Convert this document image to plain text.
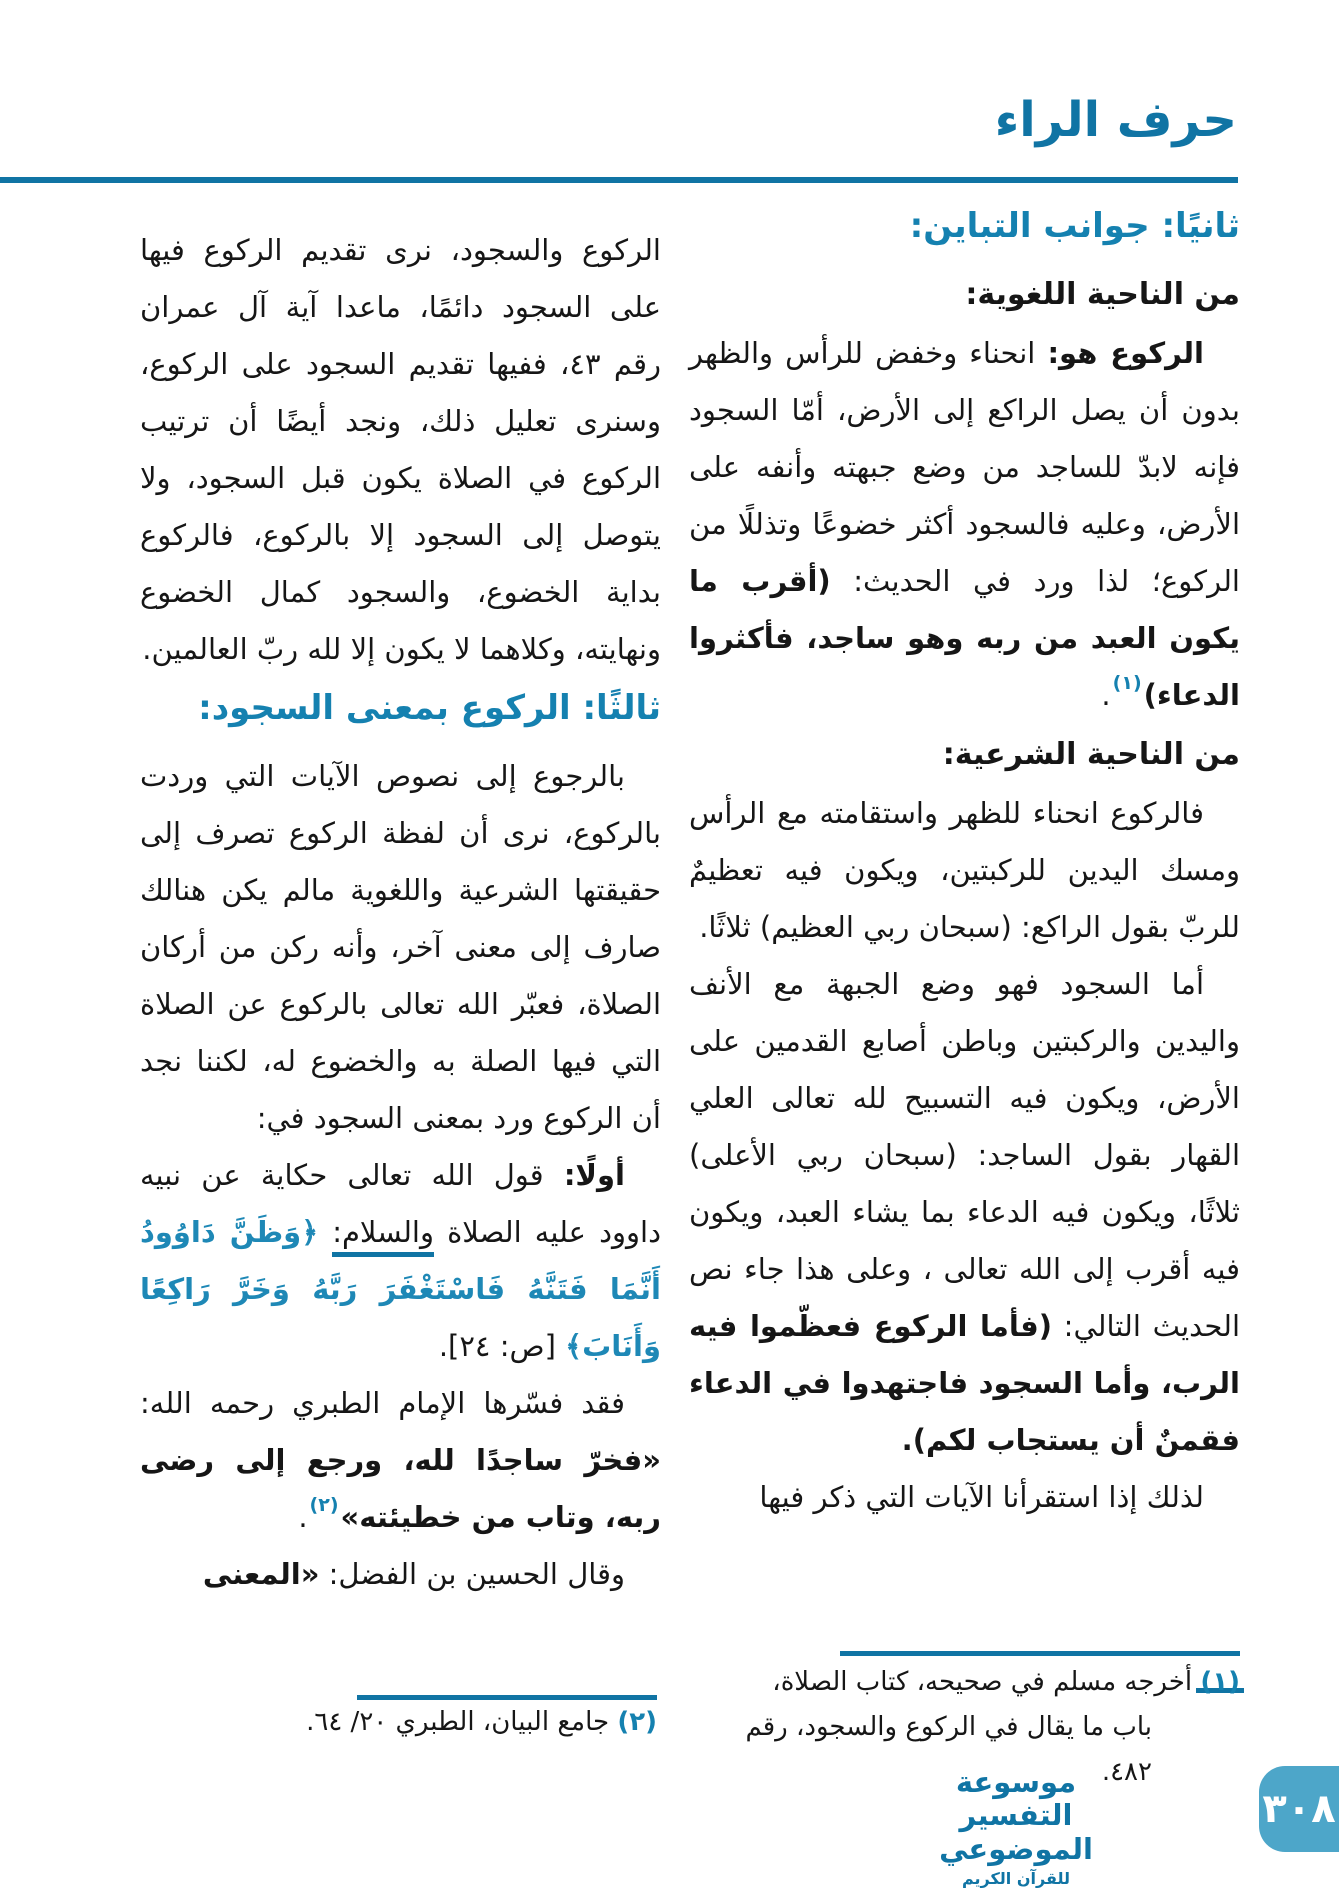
حرف الراء
ثانيًا: جوانب التباين:
من الناحية اللغوية:

الركوع هو: انحناء وخفض للرأس والظهر بدون أن يصل الراكع إلى الأرض، أمّا السجود فإنه لابدّ للساجد من وضع جبهته وأنفه على الأرض، وعليه فالسجود أكثر خضوعًا وتذللًا من الركوع؛ لذا ورد في الحديث: (أقرب ما يكون العبد من ربه وهو ساجد، فأكثروا الدعاء)$^{(١)}$.

من الناحية الشرعية:

فالركوع انحناء للظهر واستقامته مع الرأس ومسك اليدين للركبتين، ويكون فيه تعظيمٌ للربّ بقول الراكع: (سبحان ربي العظيم) ثلاثًا.

أما السجود فهو وضع الجبهة مع الأنف واليدين والركبتين وباطن أصابع القدمين على الأرض، ويكون فيه التسبيح لله تعالى العلي القهار بقول الساجد: (سبحان ربي الأعلى) ثلاثًا، ويكون فيه الدعاء بما يشاء العبد، ويكون فيه أقرب إلى الله تعالى ، وعلى هذا جاء نص الحديث التالي: (فأما الركوع فعظّموا فيه الرب، وأما السجود فاجتهدوا في الدعاء فقمنٌ أن يستجاب لكم).

لذلك إذا استقرأنا الآيات التي ذكر فيها

الركوع والسجود، نرى تقديم الركوع فيها على السجود دائمًا، ماعدا آية آل عمران رقم ٤٣، ففيها تقديم السجود على الركوع، وسنرى تعليل ذلك، ونجد أيضًا أن ترتيب الركوع في الصلاة يكون قبل السجود، ولا يتوصل إلى السجود إلا بالركوع، فالركوع بداية الخضوع، والسجود كمال الخضوع ونهايته، وكلاهما لا يكون إلا لله ربّ العالمين.

ثالثًا: الركوع بمعنى السجود:

بالرجوع إلى نصوص الآيات التي وردت بالركوع، نرى أن لفظة الركوع تصرف إلى حقيقتها الشرعية واللغوية مالم يكن هنالك صارف إلى معنى آخر، وأنه ركن من أركان الصلاة، فعبّر الله تعالى بالركوع عن الصلاة التي فيها الصلة به والخضوع له، لكننا نجد أن الركوع ورد بمعنى السجود في:

أولًا: قول الله تعالى حكاية عن نبيه داوود عليه الصلاة والسلام: ﴿وَظَنَّ دَاوُودُ أَنَّمَا فَتَنَّهُ فَاسْتَغْفَرَ رَبَّهُ وَخَرَّ رَاكِعًا وَأَنَابَ﴾ [ص: ٢٤].

فقد فسّرها الإمام الطبري رحمه الله: «فخرّ ساجدًا لله، ورجع إلى رضى ربه، وتاب من خطيئته»$^{(٢)}$.

وقال الحسين بن الفضل: «المعنى

(١) أخرجه مسلم في صحيحه، كتاب الصلاة،
باب ما يقال في الركوع والسجود، رقم ٤٨٢.
(٢) جامع البيان، الطبري ٢٠/ ٦٤.
موسوعة التفسير الموضوعي
للقرآن الكريم
٣٠٨
